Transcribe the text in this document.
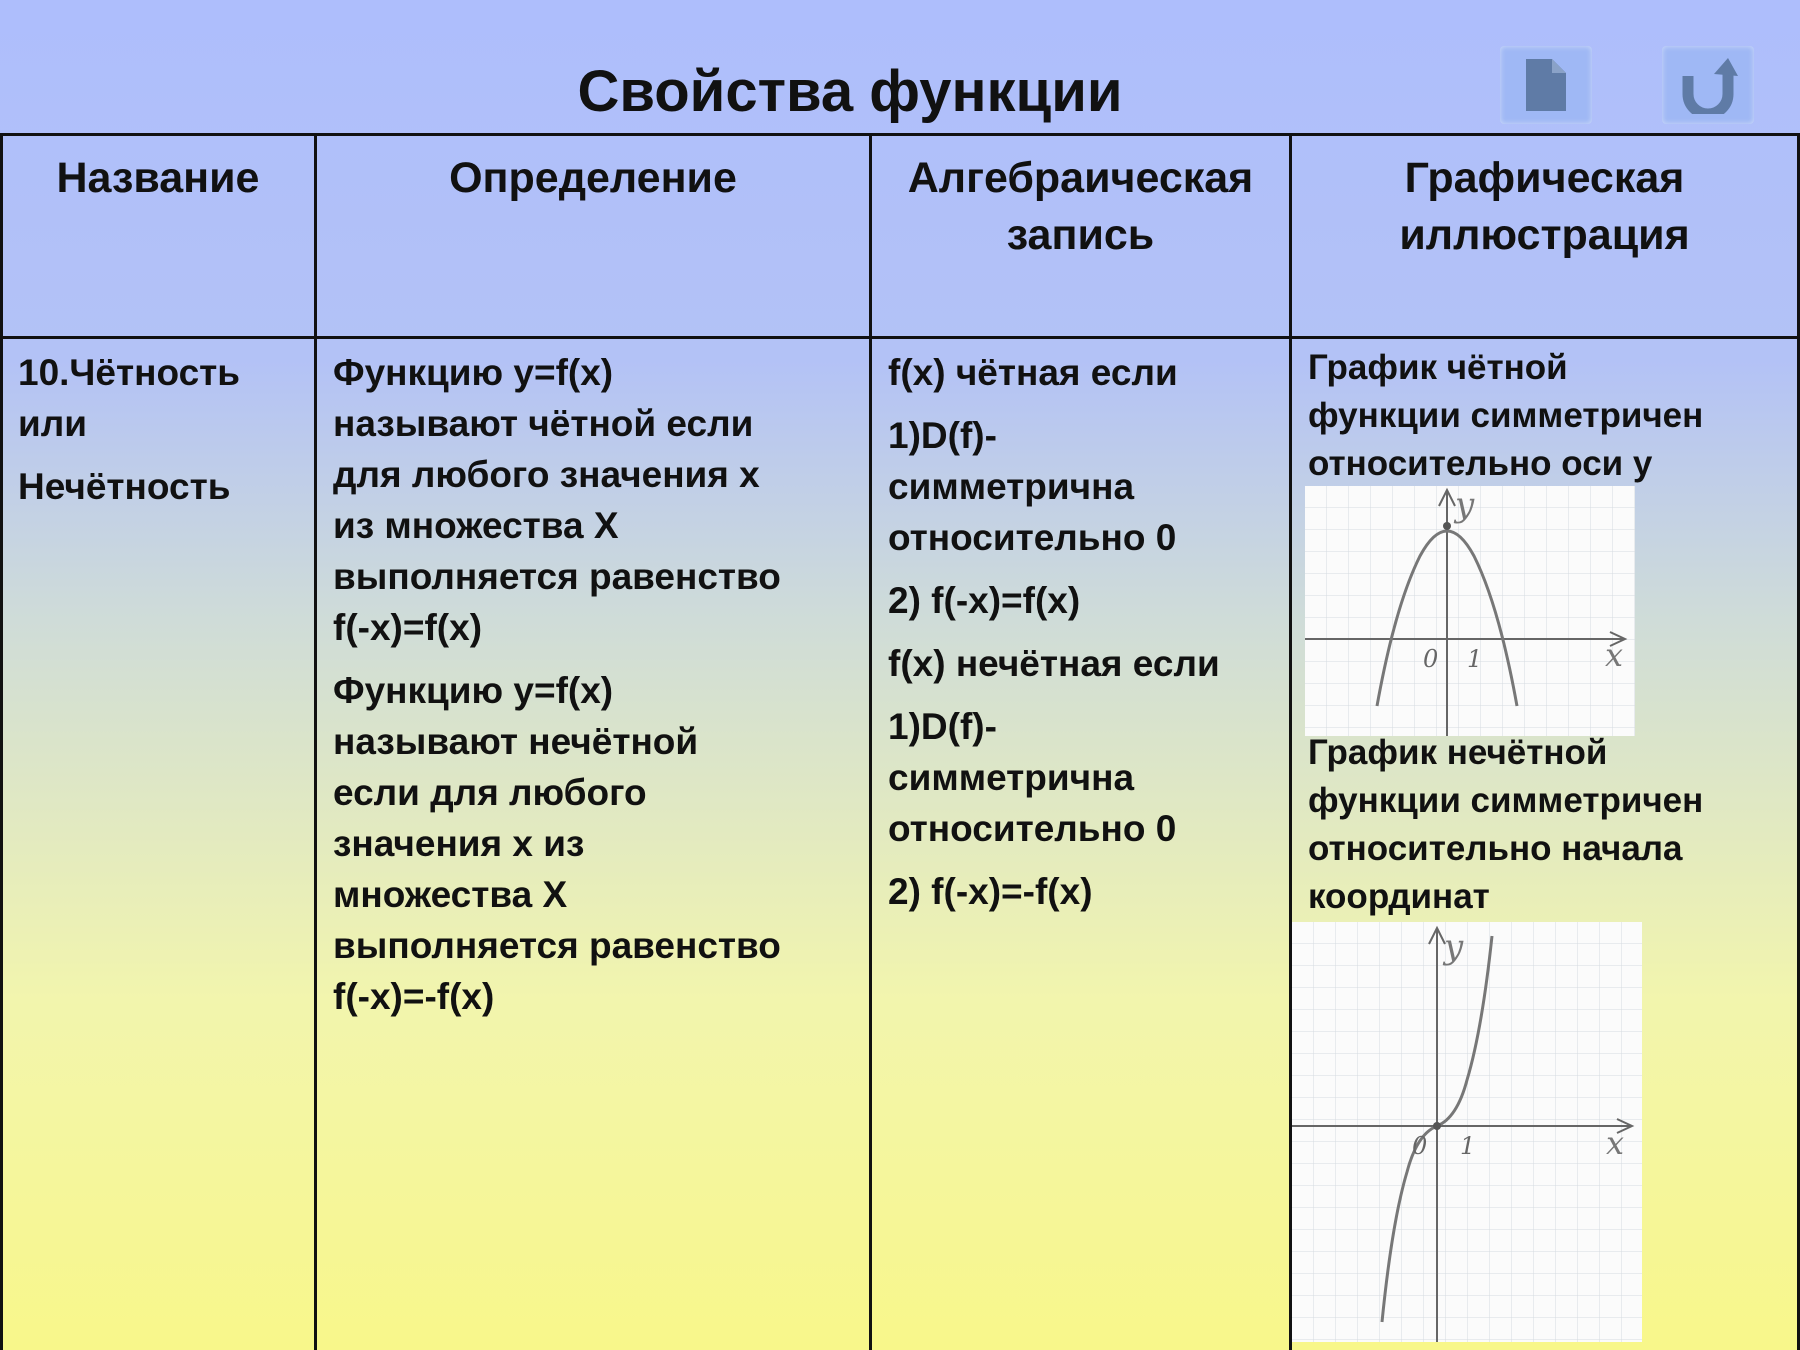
Свойства функции
Название	Определение	Алгебраическая
запись
Графическая
иллюстрация

10.Чётность

или

Нечётность

Функцию y=f(x)

называют чётной если

для любого значения x

из множества X

выполняется равенство

f(-x)=f(x)

Функцию y=f(x)

называют нечётной

если для любого

значения x из

множества X

выполняется равенство

f(-x)=-f(x)

f(x) чётная если

1)D(f)-

симметрична

относительно 0

2) f(-x)=f(x)

f(x) нечётная если

1)D(f)-

симметрична

относительно 0

2) f(-x)=-f(x)

График чётной
функции симметричен
относительно оси y
y
x
0 1
График нечётной
функции симметричен
относительно начала
координат
y
x
0 1
